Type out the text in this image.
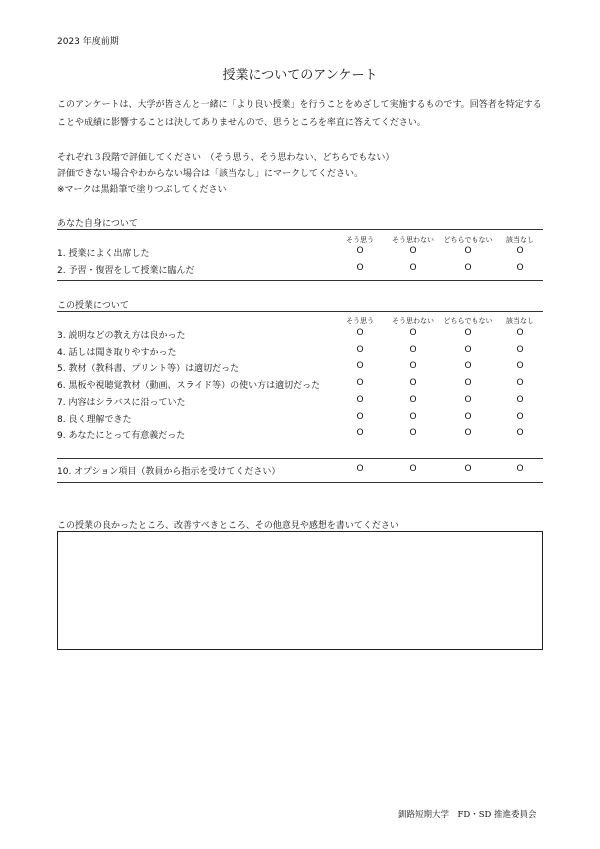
2023 年度前期
授業についてのアンケート
このアンケートは、大学が皆さんと一緒に「より良い授業」を行うことをめざして実施するものです。回答者を特定することや成績に影響することは決してありませんので、思うところを率直に答えてください。
それぞれ３段階で評価してください　（そう思う、そう思わない、どちらでもない）
評価できない場合やわからない場合は「該当なし」にマークしてください。
※マークは黒鉛筆で塗りつぶしてください
あなた自身について
そう思う	そう思わない	どちらでもない	該当なし
1. 授業によく出席した	O	O	O	O
2. 予習・復習をして授業に臨んだ	O	O	O	O
この授業について
そう思う	そう思わない	どちらでもない	該当なし
3. 説明などの教え方は良かった	O	O	O	O
4. 話しは聞き取りやすかった	O	O	O	O
5. 教材（教科書、プリント等）は適切だった	O	O	O	O
6. 黒板や視聴覚教材（動画、スライド等）の使い方は適切だった	O	O	O	O
7. 内容はシラバスに沿っていた	O	O	O	O
8. 良く理解できた	O	O	O	O
9. あなたにとって有意義だった	O	O	O	O
10. オプション項目（教員から指示を受けてください）	O	O	O	O
この授業の良かったところ、改善すべきところ、その他意見や感想を書いてください
釧路短期大学　FD・SD 推進委員会
